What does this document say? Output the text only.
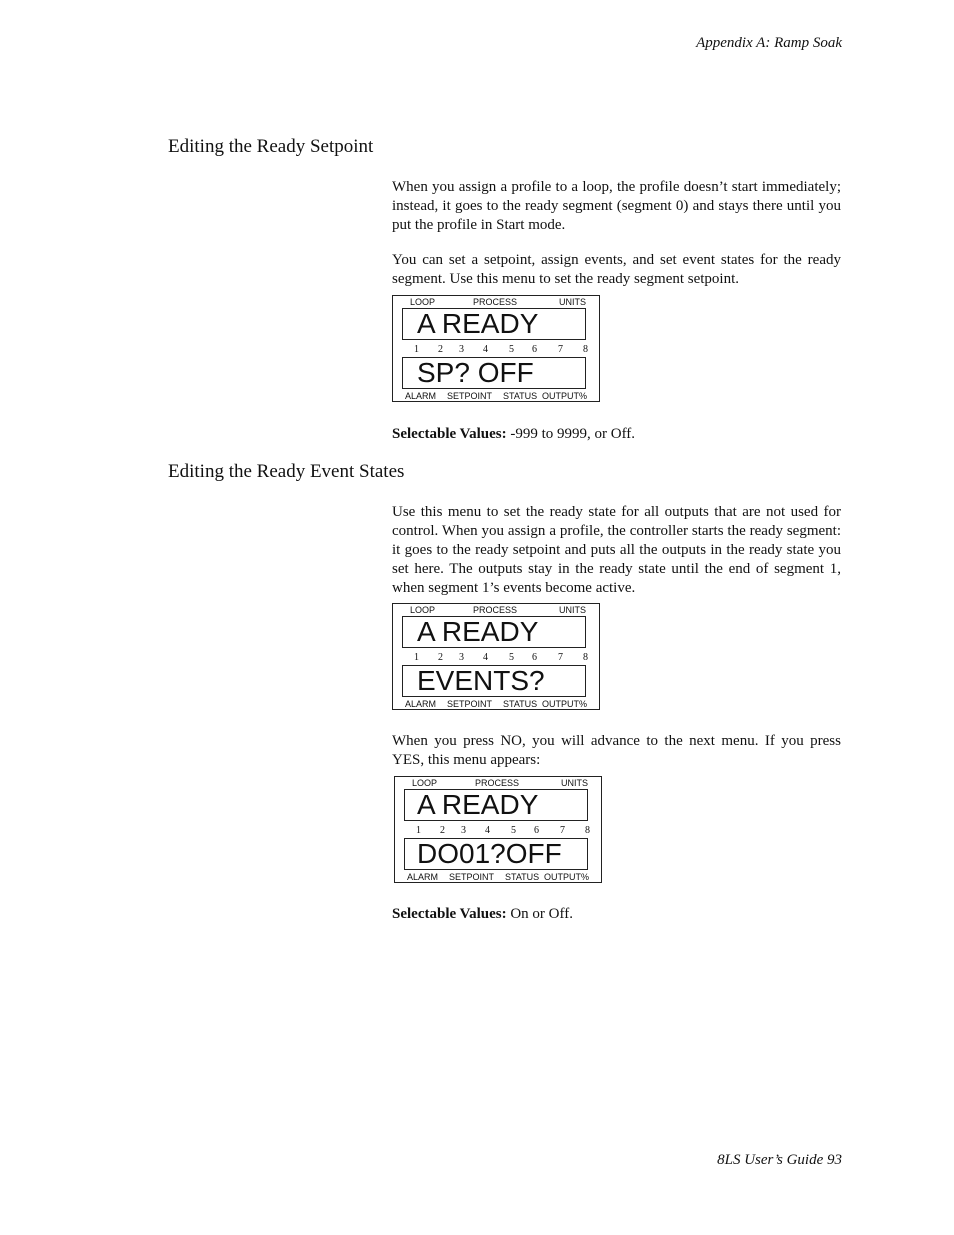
Appendix A: Ramp Soak
Editing the Ready Setpoint

When you assign a profile to a loop, the profile doesn’t start immediately; instead, it goes to the ready segment (segment 0) and stays there until you put the profile in Start mode.

You can set a setpoint, assign events, and set event states for the ready segment. Use this menu to set the ready segment setpoint.

LOOP	PROCESS	UNITS
A READY
1 2 3 4 5 6 7 8
SP? OFF
ALARM SETPOINT STATUS OUTPUT%
Selectable Values: -999 to 9999, or Off.
Editing the Ready Event States

Use this menu to set the ready state for all outputs that are not used for control. When you assign a profile, the controller starts the ready segment: it goes to the ready setpoint and puts all the outputs in the ready state you set here. The outputs stay in the ready state until the end of segment 1, when segment 1’s events become active.

LOOP	PROCESS	UNITS
A READY
1 2 3 4 5 6 7 8
EVENTS?
ALARM SETPOINT STATUS OUTPUT%

When you press NO, you will advance to the next menu. If you press YES, this menu appears:

LOOP	PROCESS	UNITS
A READY
1 2 3 4 5 6 7 8
DO01?OFF
ALARM SETPOINT STATUS OUTPUT%
Selectable Values: On or Off.
8LS User’s Guide 93
